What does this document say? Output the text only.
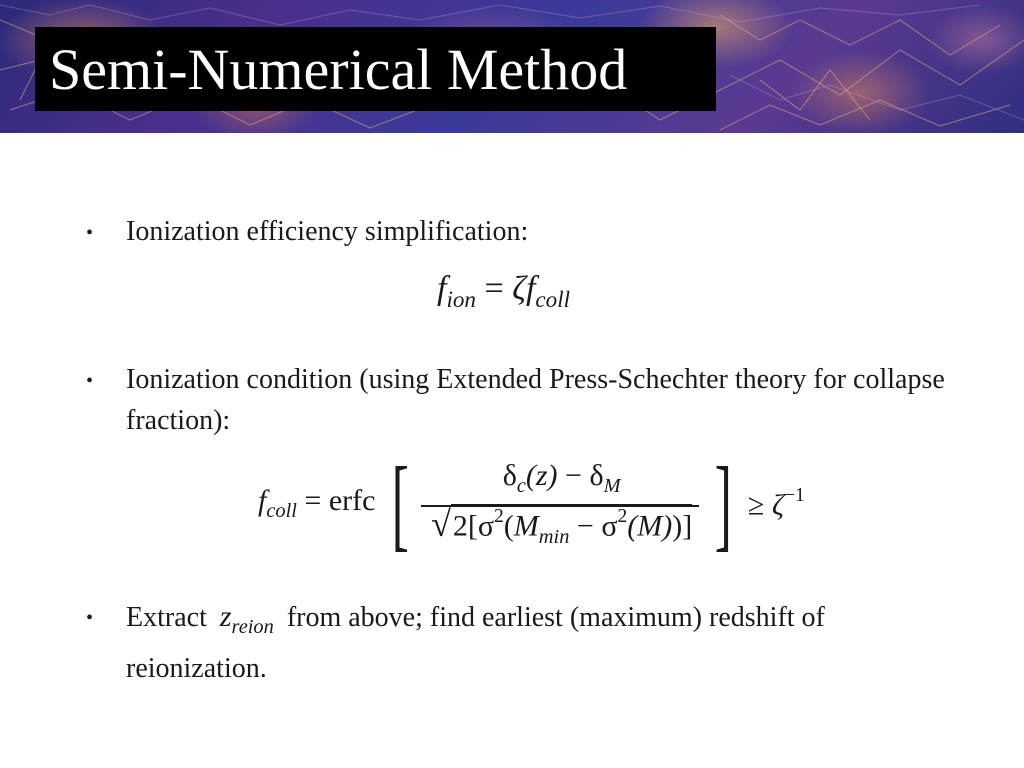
Semi-Numerical Method
• Ionization efficiency simplification:
$f_{ion} = \zeta f_{coll}$
• Ionization condition (using Extended Press-Schechter theory for collapse fraction):
$f_{coll}$ = erfc [	$\delta_c(z) - \delta_M$
$√2[\sigma^2(M_{min} - \sigma^2(M))]$ ] ≥ $\zeta^{-1}$
• Extract $z_{reion}$ from above; find earliest (maximum) redshift of reionization.
